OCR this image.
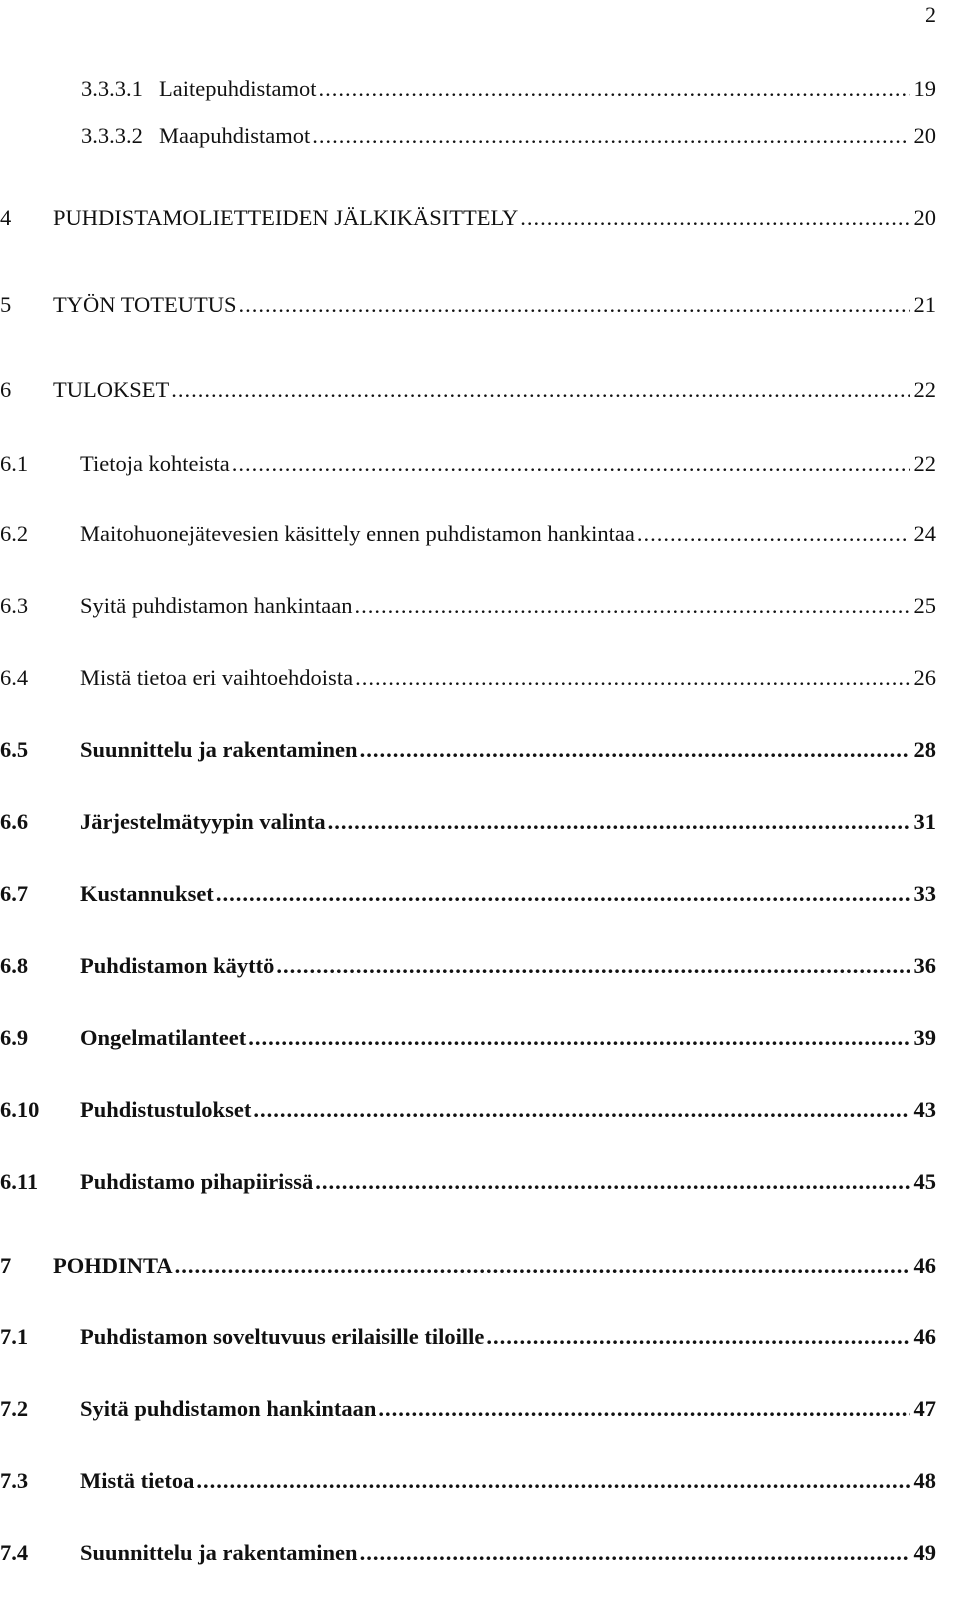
2
3.3.3.1 Laitepuhdistamot .....	19
3.3.3.2 Maapuhdistamot .....	20
4	PUHDISTAMOLIETTEIDEN JÄLKIKÄSITTELY .....	20
5	TYÖN TOTEUTUS .....	21
6	TULOKSET .....	22
6.1	Tietoja kohteista .....	22
6.2	Maitohuonejätevesien käsittely ennen puhdistamon hankintaa .....	24
6.3	Syitä puhdistamon hankintaan .....	25
6.4	Mistä tietoa eri vaihtoehdoista .....	26
6.5	Suunnittelu ja rakentaminen .....	28
6.6	Järjestelmätyypin valinta .....	31
6.7	Kustannukset .....	33
6.8	Puhdistamon käyttö .....	36
6.9	Ongelmatilanteet .....	39
6.10	Puhdistustulokset .....	43
6.11	Puhdistamo pihapiirissä .....	45
7	POHDINTA .....	46
7.1	Puhdistamon soveltuvuus erilaisille tiloille .....	46
7.2	Syitä puhdistamon hankintaan .....	47
7.3	Mistä tietoa .....	48
7.4	Suunnittelu ja rakentaminen .....	49
